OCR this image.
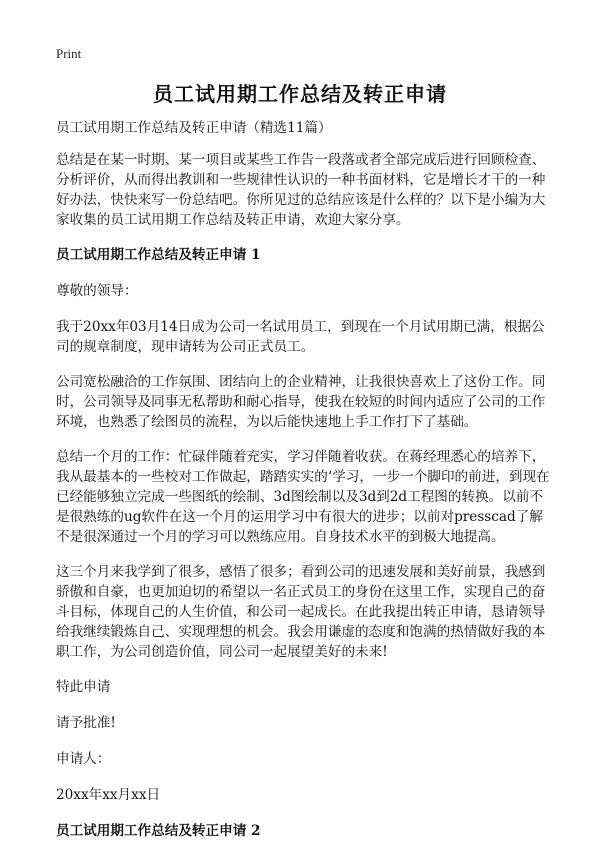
Print
员工试用期工作总结及转正申请

员工试用期工作总结及转正申请（精选11篇）

总结是在某一时期、某一项目或某些工作告一段落或者全部完成后进行回顾检查、分析评价，从而得出教训和一些规律性认识的一种书面材料，它是增长才干的一种好办法，快快来写一份总结吧。你所见过的总结应该是什么样的？以下是小编为大家收集的员工试用期工作总结及转正申请，欢迎大家分享。

员工试用期工作总结及转正申请 1

尊敬的领导：

我于20xx年03月14日成为公司一名试用员工，到现在一个月试用期已满，根据公司的规章制度，现申请转为公司正式员工。

公司宽松融洽的工作氛围、团结向上的企业精神，让我很快喜欢上了这份工作。同时，公司领导及同事无私帮助和耐心指导，使我在较短的时间内适应了公司的工作环境，也熟悉了绘图员的流程，为以后能快速地上手工作打下了基础。

总结一个月的工作：忙碌伴随着充实，学习伴随着收获。在蒋经理悉心的培养下，我从最基本的一些校对工作做起，踏踏实实的‘学习，一步一个脚印的前进，到现在已经能够独立完成一些图纸的绘制、3d图绘制以及3d到2d工程图的转换。以前不是很熟练的ug软件在这一个月的运用学习中有很大的进步；以前对presscad了解不是很深通过一个月的学习可以熟练应用。自身技术水平的到极大地提高。

这三个月来我学到了很多，感悟了很多；看到公司的迅速发展和美好前景，我感到骄傲和自豪，也更加迫切的希望以一名正式员工的身份在这里工作，实现自己的奋斗目标，体现自己的人生价值，和公司一起成长。在此我提出转正申请，恳请领导给我继续锻炼自己、实现理想的机会。我会用谦虚的态度和饱满的热情做好我的本职工作，为公司创造价值，同公司一起展望美好的未来!

特此申请

请予批准!

申请人：

20xx年xx月xx日

员工试用期工作总结及转正申请 2
